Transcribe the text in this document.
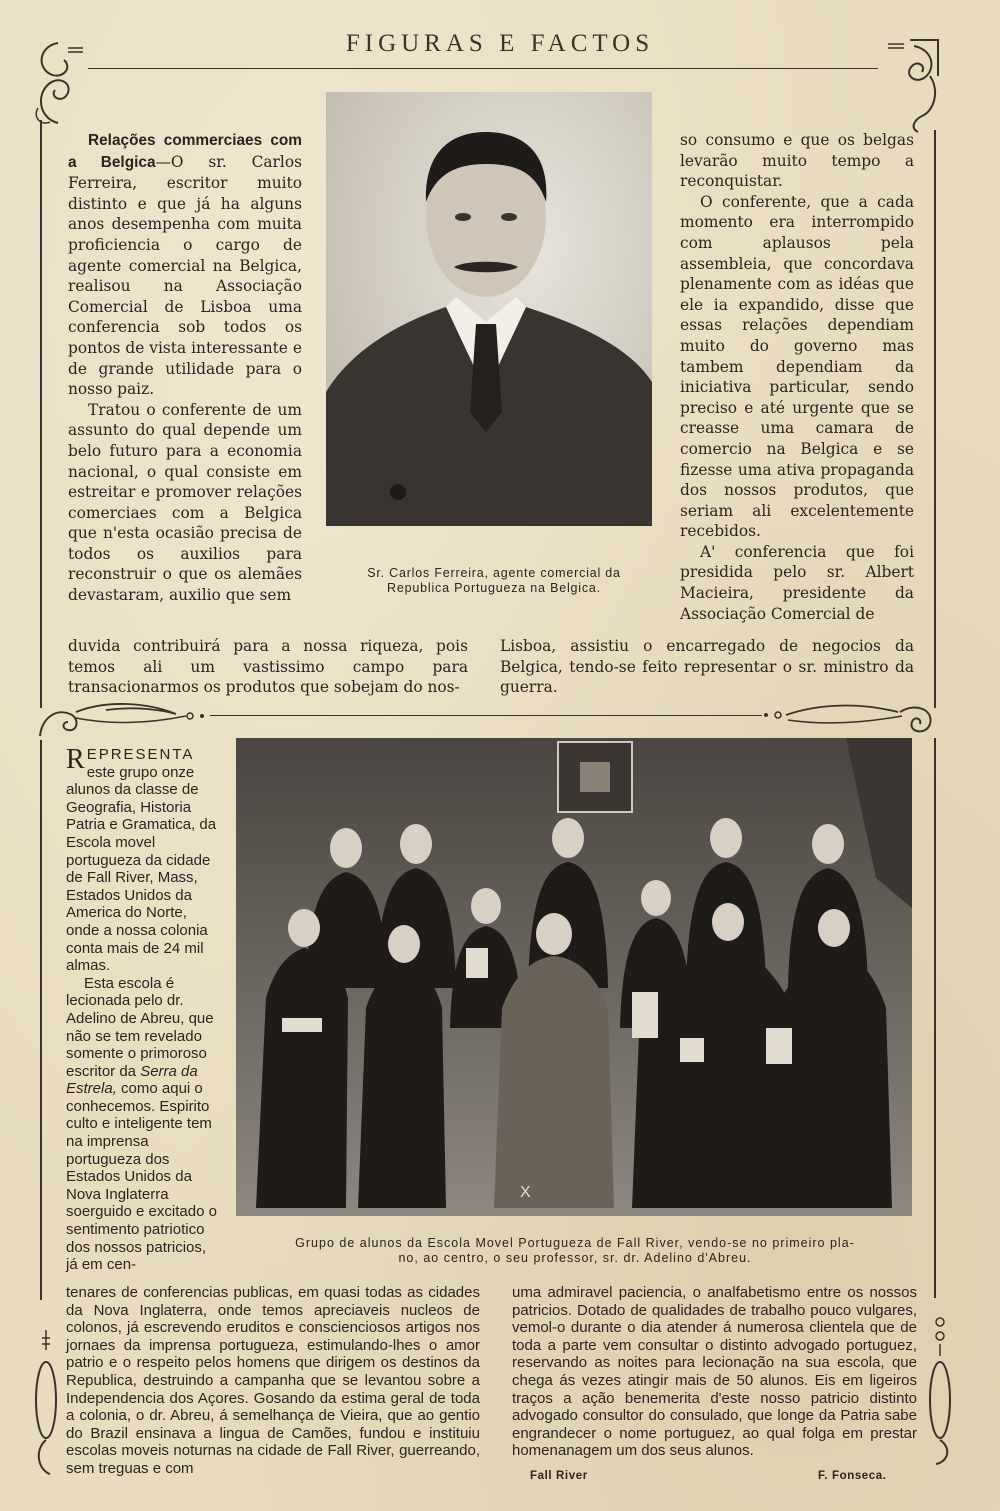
FIGURAS E FACTOS

Relações commerciaes com a Belgica—O sr. Carlos Ferreira, escritor muito distinto e que já ha alguns anos desempenha com muita proficiencia o cargo de agente comercial na Belgica, realisou na Associação Comercial de Lisboa uma conferencia sob todos os pontos de vista interessante e de grande utilidade para o nosso paiz.

Tratou o conferente de um assunto do qual depende um belo futuro para a economia nacional, o qual consiste em estreitar e promover relações comerciaes com a Belgica que n'esta ocasião precisa de todos os auxilios para reconstruir o que os alemães devastaram, auxilio que sem

Sr. Carlos Ferreira, agente comercial da
Republica Portugueza na Belgica.

so consumo e que os belgas levarão muito tempo a reconquistar.

O conferente, que a cada momento era interrompido com aplausos pela assembleia, que concordava plenamente com as idéas que ele ia expandido, disse que essas relações dependiam muito do governo mas tambem dependiam da iniciativa particular, sendo preciso e até urgente que se creasse uma camara de comercio na Belgica e se fizesse uma ativa propaganda dos nossos produtos, que seriam ali excelentemente recebidos.

A' conferencia que foi presidida pelo sr. Albert Macieira, presidente da Associação Comercial de

duvida contribuirá para a nossa riqueza, pois temos ali um vastissimo campo para transacionarmos os produtos que sobejam do nos-
Lisboa, assistiu o encarregado de negocios da Belgica, tendo-se feito representar o sr. ministro da guerra.

REPRESENTA este grupo onze alunos da classe de Geografia, Historia Patria e Gramatica, da Escola movel portugueza da cidade de Fall River, Mass, Estados Unidos da America do Norte, onde a nossa colonia conta mais de 24 mil almas.

Esta escola é lecionada pelo dr. Adelino de Abreu, que não se tem revelado somente o primoroso escritor da Serra da Estrela, como aqui o conhecemos. Espirito culto e inteligente tem na imprensa portugueza dos Estados Unidos da Nova Inglaterra soerguido e excitado o sentimento patriotico dos nossos patricios, já em cen-

X
Grupo de alunos da Escola Movel Portugueza de Fall River, vendo-se no primeiro pla-
no, ao centro, o seu professor, sr. dr. Adelino d'Abreu.
tenares de conferencias publicas, em quasi todas as cidades da Nova Inglaterra, onde temos apreciaveis nucleos de colonos, já escrevendo eruditos e conscienciosos artigos nos jornaes da imprensa portugueza, estimulando-lhes o amor patrio e o respeito pelos homens que dirigem os destinos da Republica, destruindo a campanha que se levantou sobre a Independencia dos Açores. Gosando da estima geral de toda a colonia, o dr. Abreu, á semelhança de Vieira, que ao gentio do Brazil ensinava a lingua de Camões, fundou e instituiu escolas moveis noturnas na cidade de Fall River, guerreando, sem treguas e com
uma admiravel paciencia, o analfabetismo entre os nossos patricios. Dotado de qualidades de trabalho pouco vulgares, vemol-o durante o dia atender á numerosa clientela que de toda a parte vem consultar o distinto advogado portuguez, reservando as noites para lecionação na sua escola, que chega ás vezes atingir mais de 50 alunos. Eis em ligeiros traços a ação benemerita d'este nosso patricio distinto advogado consultor do consulado, que longe da Patria sabe engrandecer o nome portuguez, ao qual folga em prestar homenanagem um dos seus alunos.
Fall River	F. Fonseca.
